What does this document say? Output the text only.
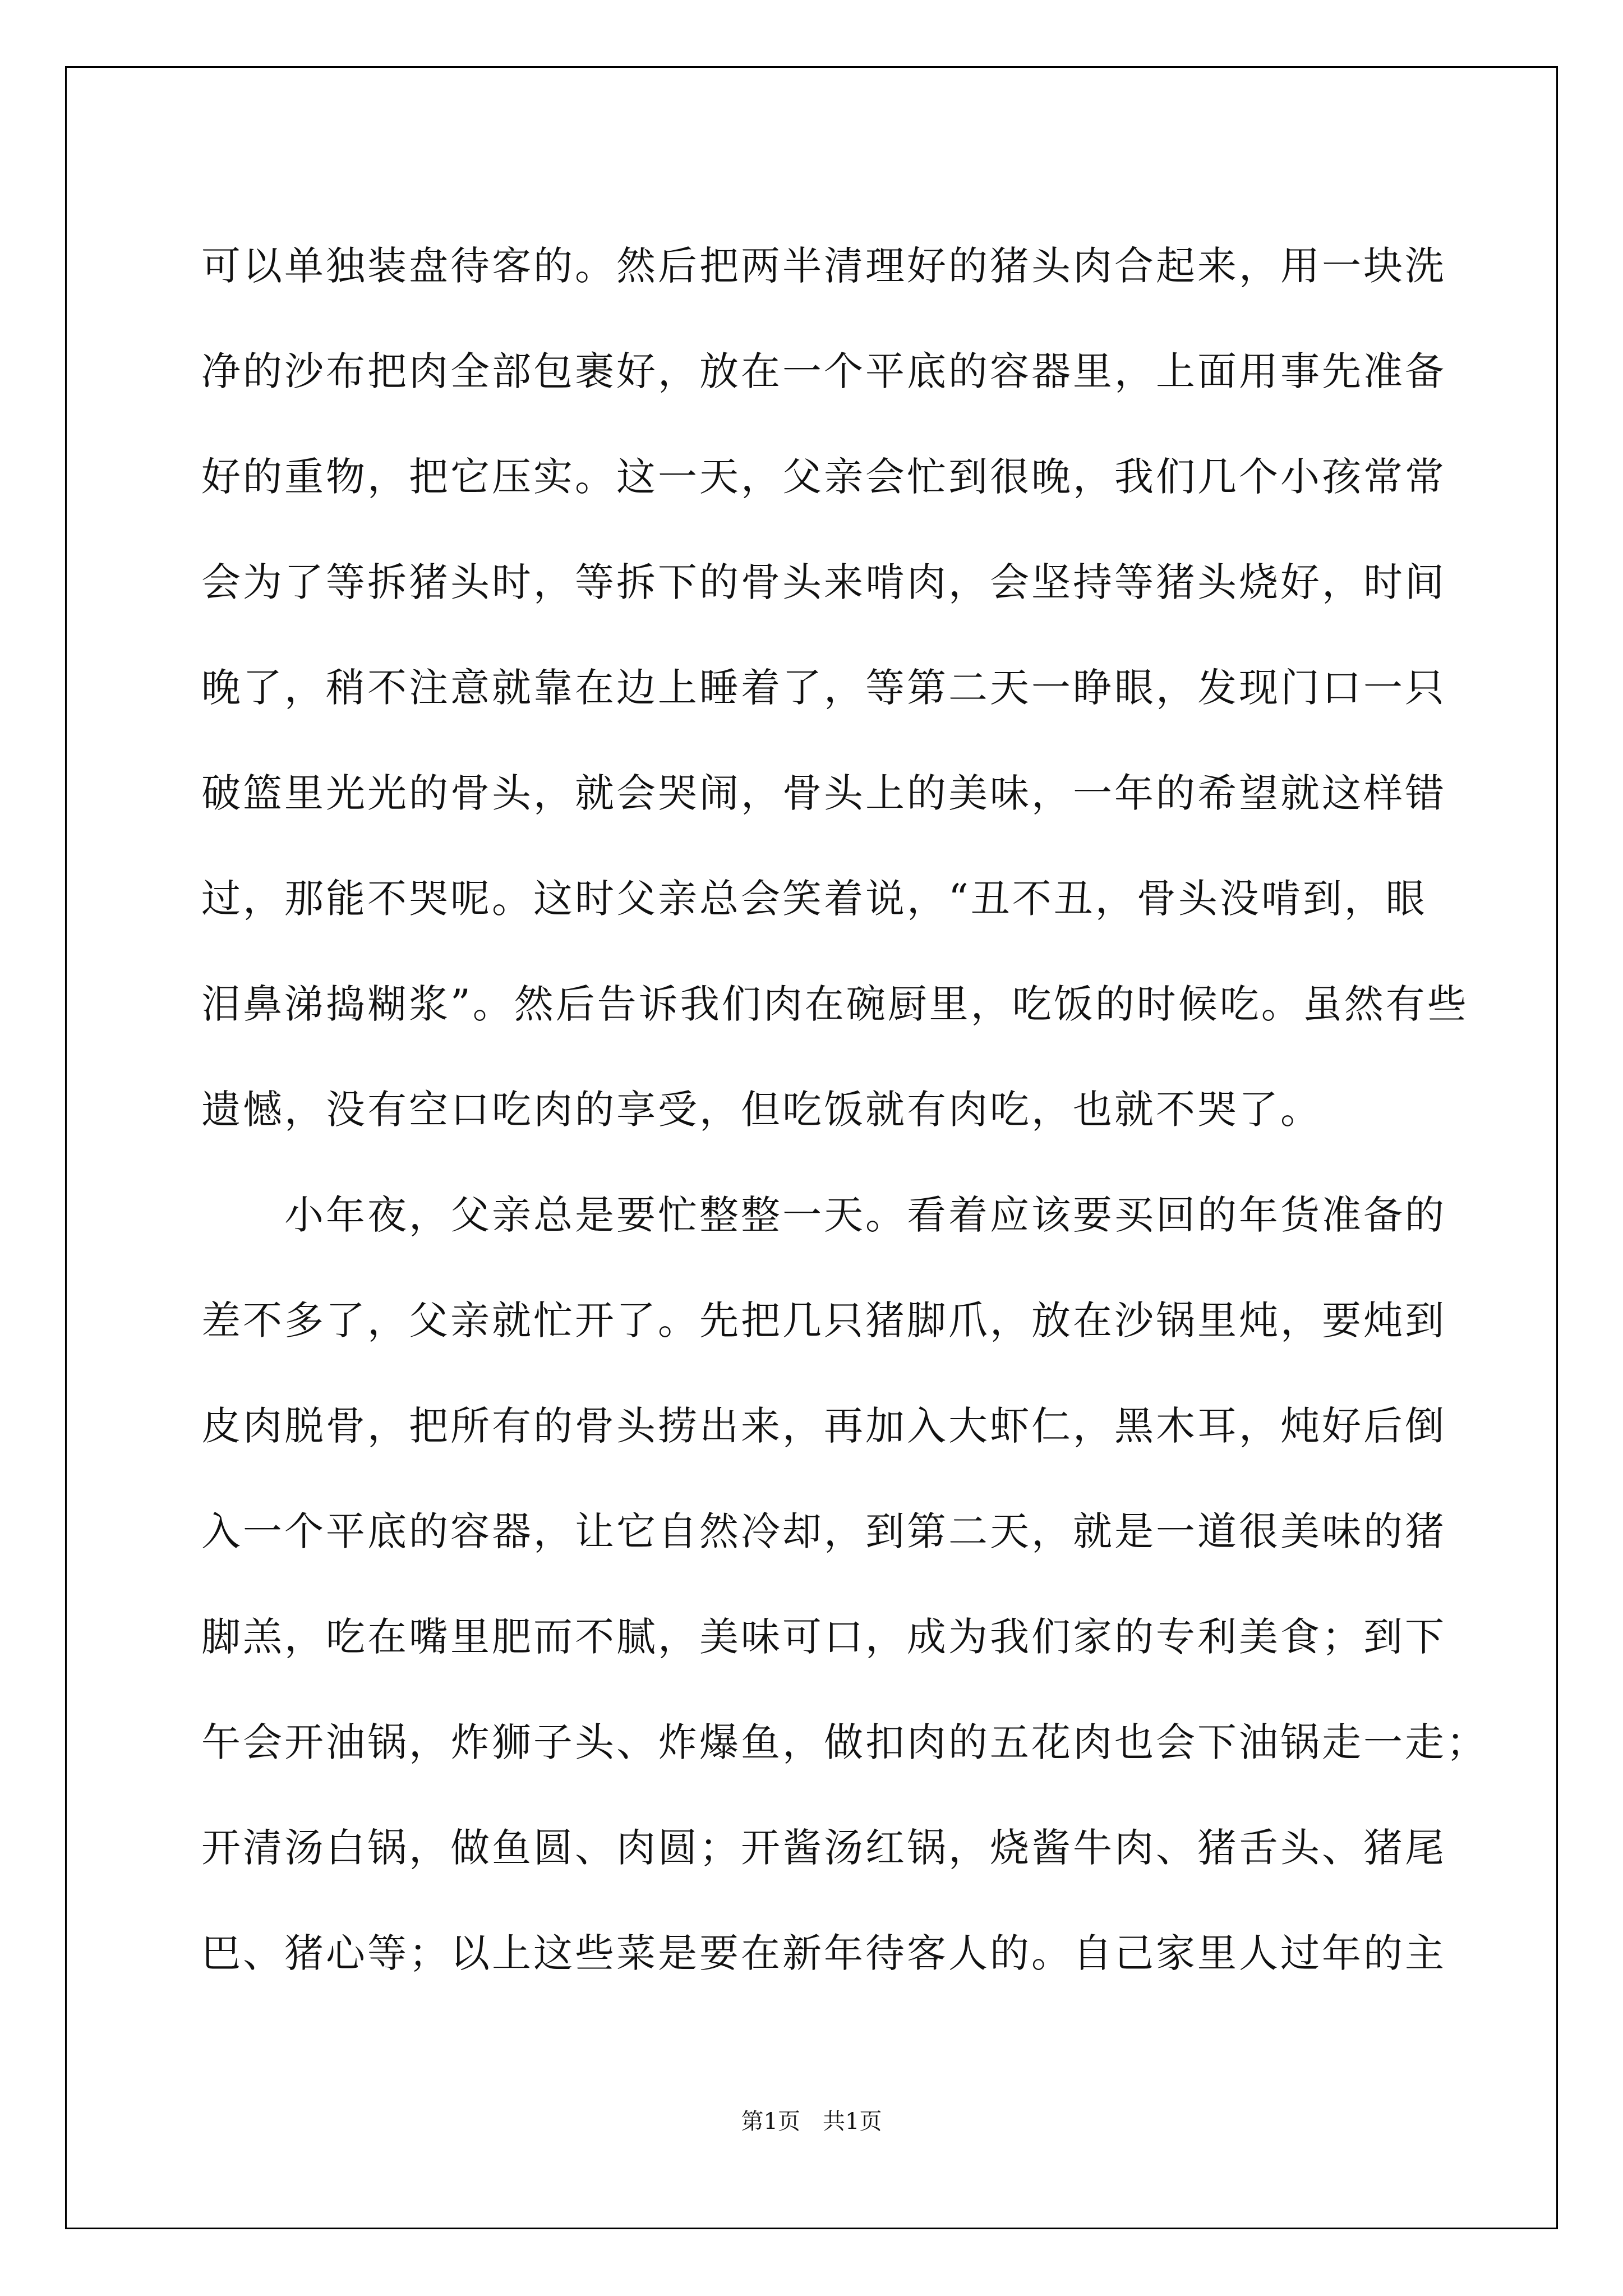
可以单独装盘待客的。然后把两半清理好的猪头肉合起来，用一块洗
净的沙布把肉全部包裹好，放在一个平底的容器里，上面用事先准备
好的重物，把它压实。这一天，父亲会忙到很晚，我们几个小孩常常
会为了等拆猪头时，等拆下的骨头来啃肉，会坚持等猪头烧好，时间
晚了，稍不注意就靠在边上睡着了，等第二天一睁眼，发现门口一只
破篮里光光的骨头，就会哭闹，骨头上的美味，一年的希望就这样错
过，那能不哭呢。这时父亲总会笑着说，“丑不丑，骨头没啃到，眼
泪鼻涕捣糊浆”。然后告诉我们肉在碗厨里，吃饭的时候吃。虽然有些
遗憾，没有空口吃肉的享受，但吃饭就有肉吃，也就不哭了。
　　小年夜，父亲总是要忙整整一天。看着应该要买回的年货准备的
差不多了，父亲就忙开了。先把几只猪脚爪，放在沙锅里炖，要炖到
皮肉脱骨，把所有的骨头捞出来，再加入大虾仁，黑木耳，炖好后倒
入一个平底的容器，让它自然冷却，到第二天，就是一道很美味的猪
脚羔，吃在嘴里肥而不腻，美味可口，成为我们家的专利美食；到下
午会开油锅，炸狮子头、炸爆鱼，做扣肉的五花肉也会下油锅走一走；
开清汤白锅，做鱼圆、肉圆；开酱汤红锅，烧酱牛肉、猪舌头、猪尾
巴、猪心等；以上这些菜是要在新年待客人的。自己家里人过年的主
第1页　共1页
